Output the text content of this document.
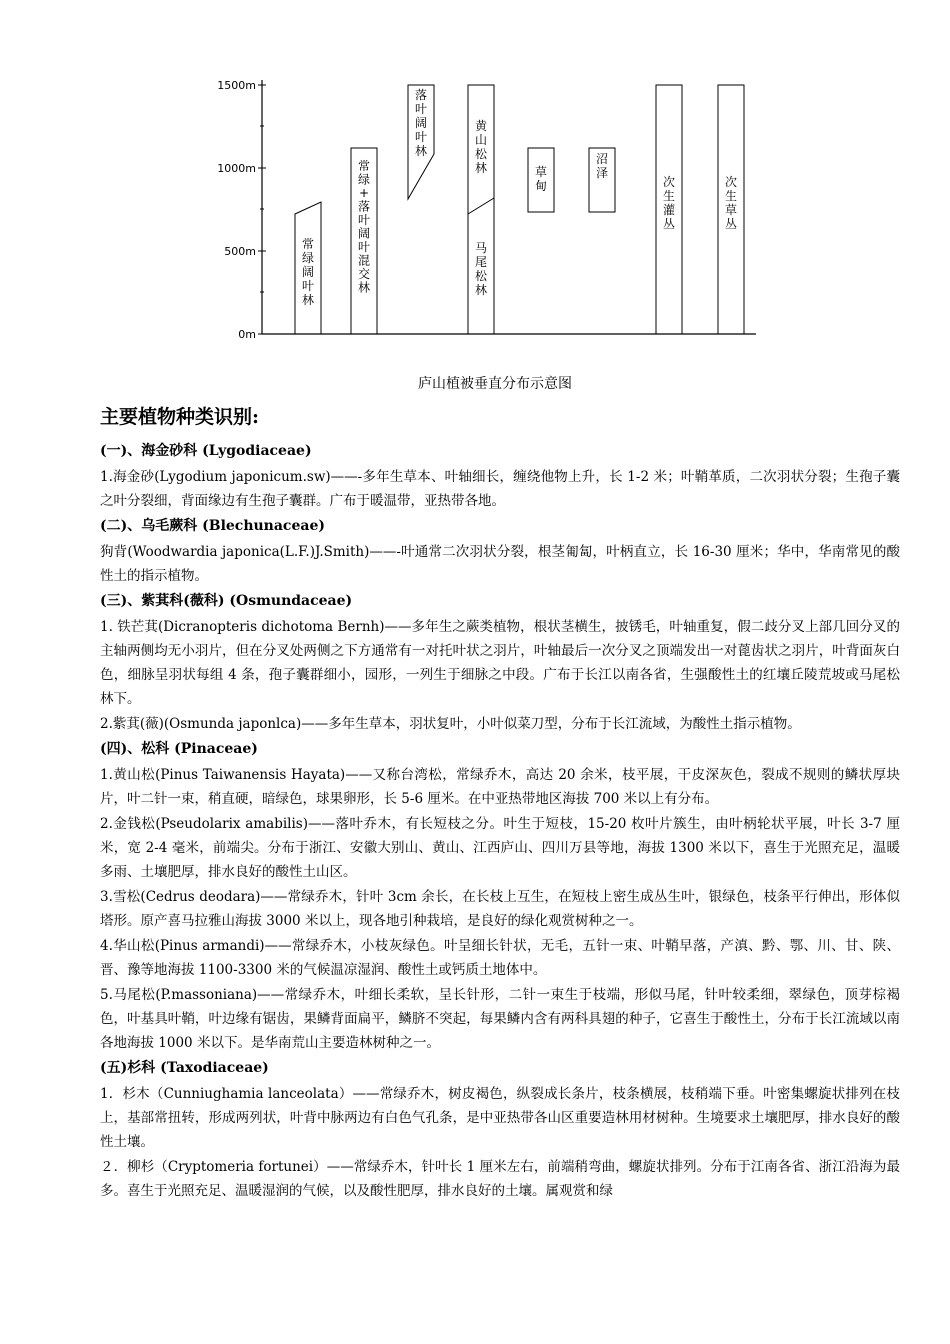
1500m
1000m
500m
0m
常绿阔叶林
常绿+落叶阔叶混交林
落叶阔叶林
黄山松林
马尾松林
草甸
沼泽
次生灌丛
次生草丛
庐山植被垂直分布示意图
主要植物种类识别:
(一)、海金砂科 (Lygodiaceae)
1.海金砂(Lygodium japonicum.sw)——-多年生草本、叶轴细长，缠绕他物上升，长 1-2 米；叶鞘革质，二次羽状分裂；生孢子囊之叶分裂细，背面缘边有生孢子囊群。广布于暖温带，亚热带各地。
(二)、乌毛蕨科 (Blechunaceae)
狗背(Woodwardia japonica(L.F.)J.Smith)——-叶通常二次羽状分裂，根茎匍匐，叶柄直立，长 16-30 厘米；华中，华南常见的酸性土的指示植物。
(三)、紫萁科(薇科) (Osmundaceae)
1. 铁芒萁(Dicranopteris dichotoma Bernh)——多年生之蕨类植物，根状茎横生，披锈毛，叶轴重复，假二歧分叉上部几回分叉的主轴两侧均无小羽片，但在分叉处两侧之下方通常有一对托叶状之羽片，叶轴最后一次分叉之顶端发出一对蓖齿状之羽片，叶背面灰白色，细脉呈羽状每组 4 条，孢子囊群细小，园形，一列生于细脉之中段。广布于长江以南各省，生强酸性土的红壤丘陵荒坡或马尾松林下。
2.紫萁(薇)(Osmunda japonlca)——多年生草本，羽状复叶，小叶似菜刀型，分布于长江流域，为酸性土指示植物。
(四)、松科 (Pinaceae)
1.黄山松(Pinus Taiwanensis Hayata)——又称台湾松，常绿乔木，高达 20 余米，枝平展，干皮深灰色，裂成不规则的鳞状厚块片，叶二针一束，稍直硬，暗绿色，球果卵形，长 5-6 厘米。在中亚热带地区海拔 700 米以上有分布。
2.金钱松(Pseudolarix amabilis)——落叶乔木，有长短枝之分。叶生于短枝，15-20 枚叶片簇生，由叶柄轮状平展，叶长 3-7 厘米，宽 2-4 毫米，前端尖。分布于浙江、安徽大别山、黄山、江西庐山、四川万县等地，海拔 1300 米以下，喜生于光照充足，温暖多雨、土壤肥厚，排水良好的酸性土山区。
3.雪松(Cedrus deodara)——常绿乔木，针叶 3cm 余长，在长枝上互生，在短枝上密生成丛生叶，银绿色，枝条平行伸出，形体似塔形。原产喜马拉雅山海拔 3000 米以上，现各地引种栽培，是良好的绿化观赏树种之一。
4.华山松(Pinus armandi)——常绿乔木，小枝灰绿色。叶呈细长针状，无毛，五针一束、叶鞘早落，产滇、黔、鄂、川、甘、陕、晋、豫等地海拔 1100-3300 米的气候温凉湿润、酸性土或钙质土地体中。
5.马尾松(P.massoniana)——常绿乔木，叶细长柔软，呈长针形，二针一束生于枝端，形似马尾，针叶较柔细，翠绿色，顶芽棕褐色，叶基具叶鞘，叶边缘有锯齿，果鳞背面扁平，鳞脐不突起，每果鳞内含有两科具翅的种子，它喜生于酸性土，分布于长江流域以南各地海拔 1000 米以下。是华南荒山主要造林树种之一。
(五)杉科 (Taxodiaceae)
1．杉木（Cunniughamia lanceolata）——常绿乔木，树皮褐色，纵裂成长条片，枝条横展，枝稍端下垂。叶密集螺旋状排列在枝上，基部常扭转，形成两列状，叶背中脉两边有白色气孔条，是中亚热带各山区重要造林用材树种。生境要求土壤肥厚，排水良好的酸性土壤。
２．柳杉（Cryptomeria fortunei）——常绿乔木，针叶长 1 厘米左右，前端稍弯曲，螺旋状排列。分布于江南各省、浙江沿海为最多。喜生于光照充足、温暖湿润的气候，以及酸性肥厚，排水良好的土壤。属观赏和绿
